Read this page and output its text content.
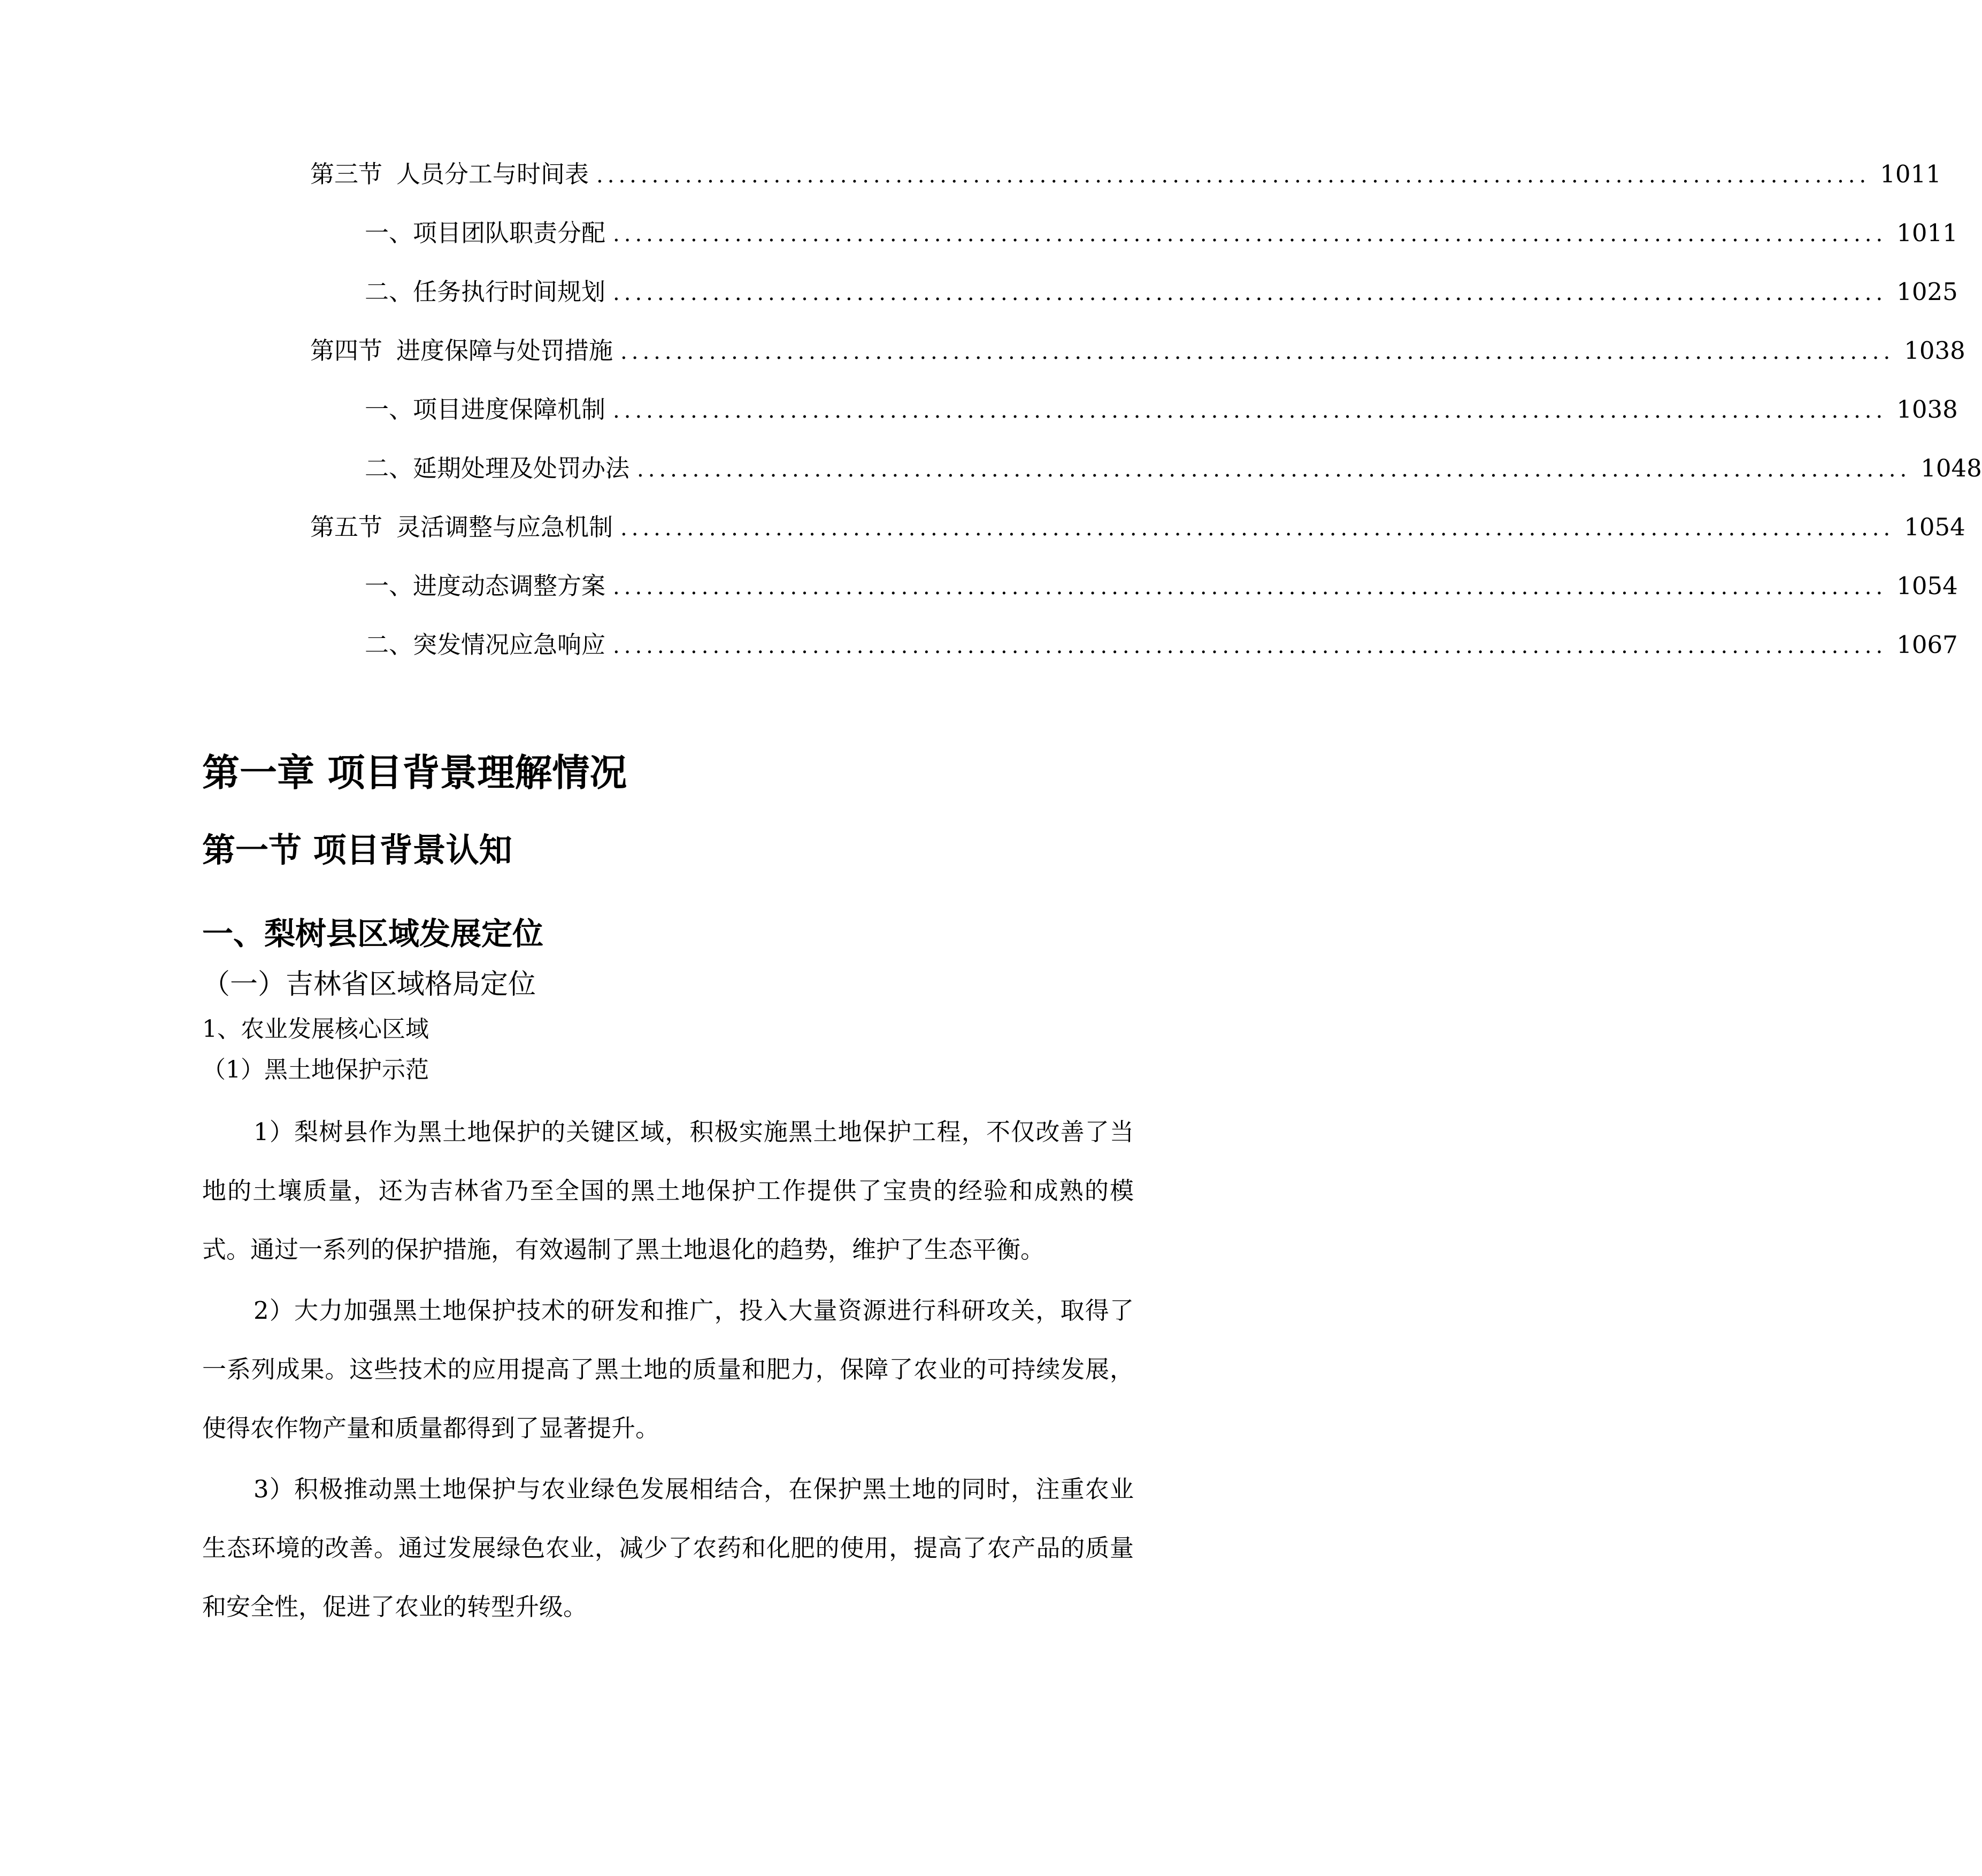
第三节 人员分工与时间表 ................................................................................................................... 1011
一、 项目团队职责分配 ................................................................................................................... 1011
二、 任务执行时间规划 ................................................................................................................... 1025
第四节 进度保障与处罚措施 ................................................................................................................... 1038
一、 项目进度保障机制 ................................................................................................................... 1038
二、 延期处理及处罚办法 ................................................................................................................... 1048
第五节 灵活调整与应急机制 ................................................................................................................... 1054
一、 进度动态调整方案 ................................................................................................................... 1054
二、 突发情况应急响应 ................................................................................................................... 1067
第一章 项目背景理解情况
第一节 项目背景认知
一、梨树县区域发展定位
（一）吉林省区域格局定位
1、农业发展核心区域
（1）黑土地保护示范

1）梨树县作为黑土地保护的关键区域，积极实施黑土地保护工程，不仅改善了当地的土壤质量，还为吉林省乃至全国的黑土地保护工作提供了宝贵的经验和成熟的模式。通过一系列的保护措施，有效遏制了黑土地退化的趋势，维护了生态平衡。

2）大力加强黑土地保护技术的研发和推广，投入大量资源进行科研攻关，取得了一系列成果。这些技术的应用提高了黑土地的质量和肥力，保障了农业的可持续发展，使得农作物产量和质量都得到了显著提升。

3）积极推动黑土地保护与农业绿色发展相结合，在保护黑土地的同时，注重农业生态环境的改善。通过发展绿色农业，减少了农药和化肥的使用，提高了农产品的质量和安全性，促进了农业的转型升级。
